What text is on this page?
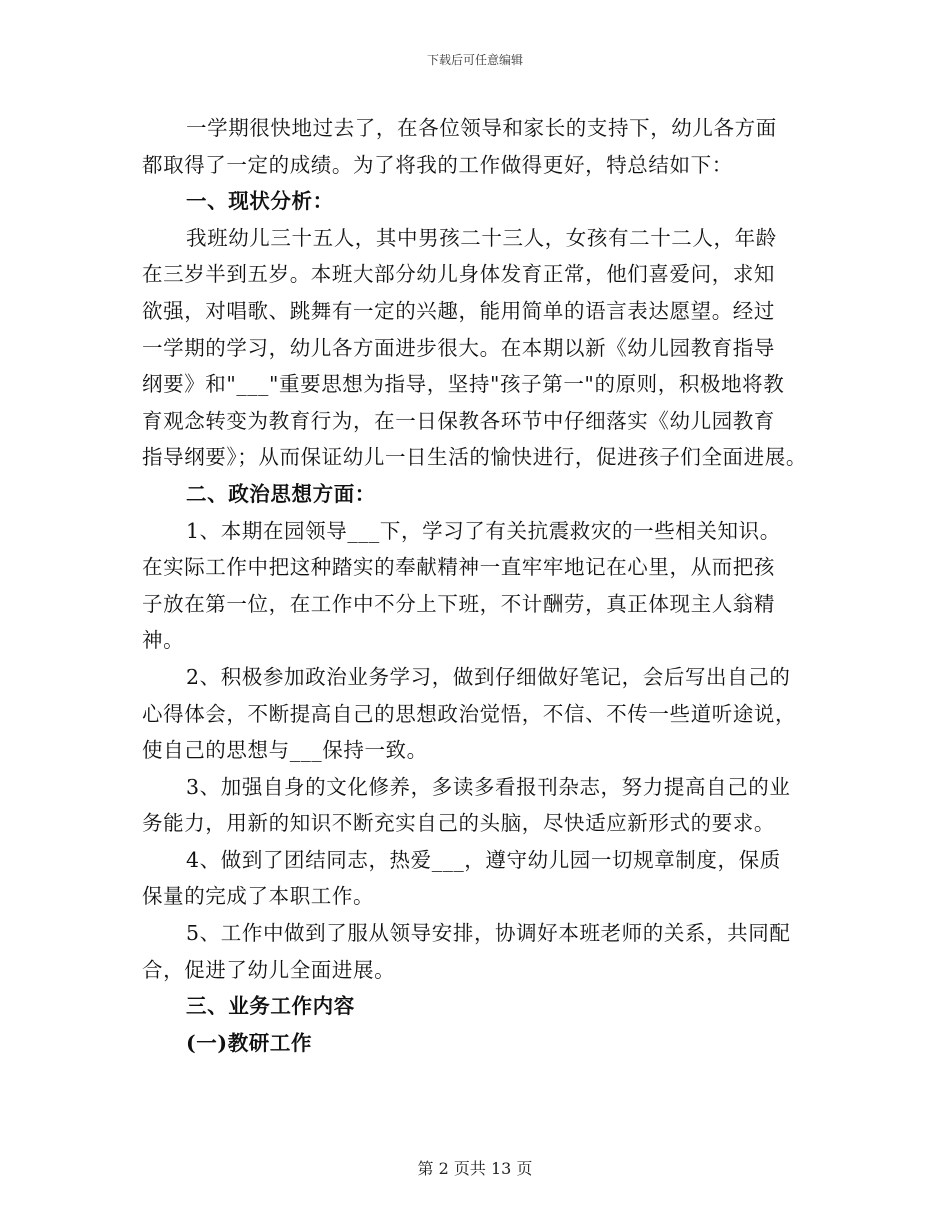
下载后可任意编辑
一学期很快地过去了，在各位领导和家长的支持下，幼儿各方面
都取得了一定的成绩。为了将我的工作做得更好，特总结如下：
一、现状分析：
我班幼儿三十五人，其中男孩二十三人，女孩有二十二人，年龄
在三岁半到五岁。本班大部分幼儿身体发育正常，他们喜爱问，求知
欲强，对唱歌、跳舞有一定的兴趣，能用简单的语言表达愿望。经过
一学期的学习，幼儿各方面进步很大。在本期以新《幼儿园教育指导
纲要》和"___"重要思想为指导，坚持"孩子第一"的原则，积极地将教
育观念转变为教育行为，在一日保教各环节中仔细落实《幼儿园教育
指导纲要》；从而保证幼儿一日生活的愉快进行，促进孩子们全面进展。
二、政治思想方面：
1、本期在园领导___下，学习了有关抗震救灾的一些相关知识。
在实际工作中把这种踏实的奉献精神一直牢牢地记在心里，从而把孩
子放在第一位，在工作中不分上下班，不计酬劳，真正体现主人翁精
神。
2、积极参加政治业务学习，做到仔细做好笔记，会后写出自己的
心得体会，不断提高自己的思想政治觉悟，不信、不传一些道听途说，
使自己的思想与___保持一致。
3、加强自身的文化修养，多读多看报刊杂志，努力提高自己的业
务能力，用新的知识不断充实自己的头脑，尽快适应新形式的要求。
4、做到了团结同志，热爱___，遵守幼儿园一切规章制度，保质
保量的完成了本职工作。
5、工作中做到了服从领导安排，协调好本班老师的关系，共同配
合，促进了幼儿全面进展。
三、业务工作内容
(一)教研工作
第 2 页共 13 页
